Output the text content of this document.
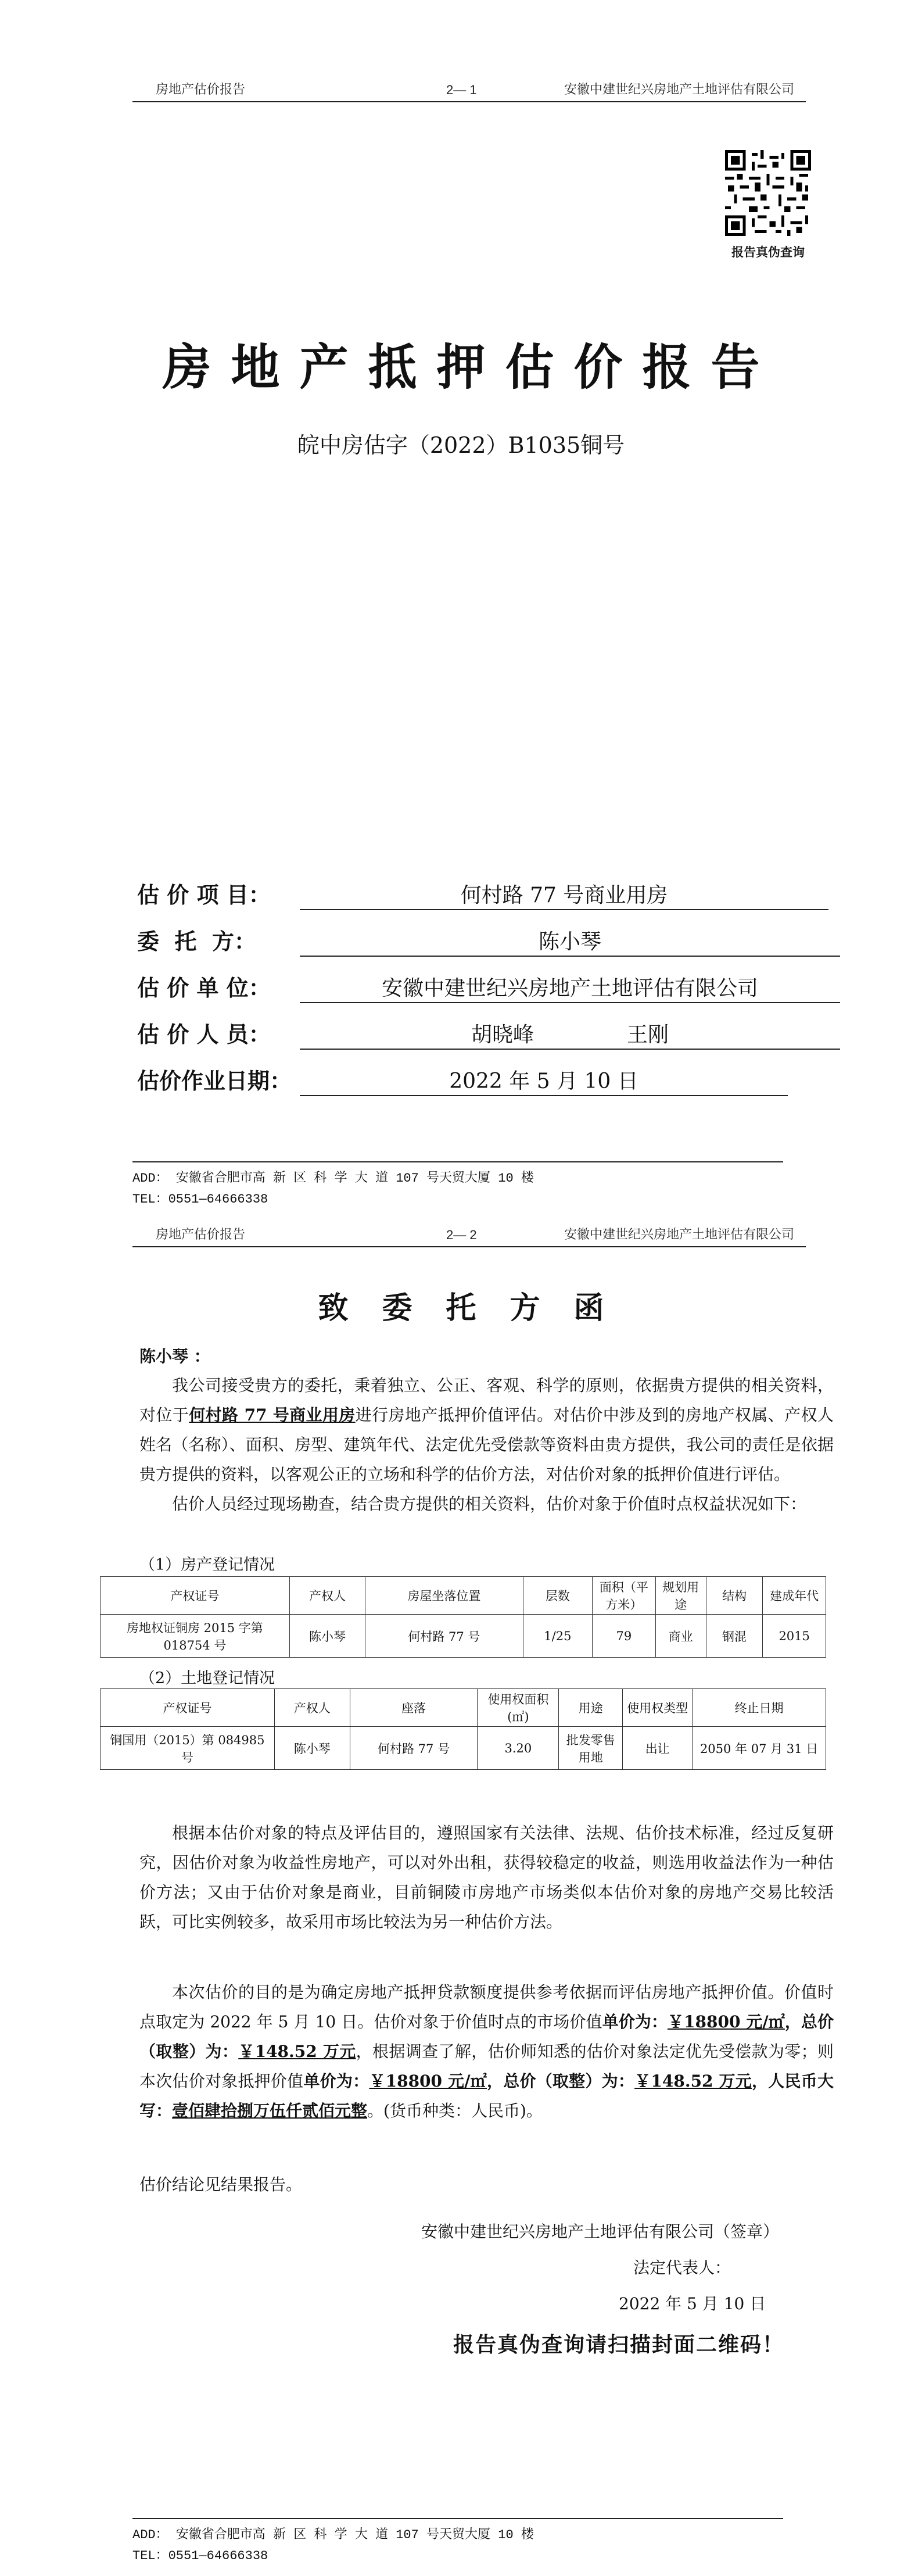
房地产估价报告	2— 1	安徽中建世纪兴房地产土地评估有限公司
报告真伪查询
房地产抵押估价报告
皖中房估字（2022）B1035铜号
估 价 项 目：	何村路 77 号商业用房
委  托  方：	陈小琴
估 价 单 位：	安徽中建世纪兴房地产土地评估有限公司
估 价 人 员：	胡晓峰	王刚
估价作业日期：	2022 年 5 月 10 日
ADD： 安徽省合肥市高 新 区 科 学 大 道 107 号天贸大厦 10 楼
TEL：0551—64666338
房地产估价报告	2— 2	安徽中建世纪兴房地产土地评估有限公司
致委托方函
陈小琴 ：
我公司接受贵方的委托，秉着独立、公正、客观、科学的原则，依据贵方提供的相关资料，对位于何村路 77 号商业用房进行房地产抵押价值评估。对估价中涉及到的房地产权属、产权人姓名（名称）、面积、房型、建筑年代、法定优先受偿款等资料由贵方提供，我公司的责任是依据贵方提供的资料，以客观公正的立场和科学的估价方法，对估价对象的抵押价值进行评估。
估价人员经过现场勘查，结合贵方提供的相关资料，估价对象于价值时点权益状况如下：
（1）房产登记情况
产权证号	产权人	房屋坐落位置	层数	面积（平方米）	规划用途	结构	建成年代
房地权证铜房 2015 字第 018754 号	陈小琴	何村路 77 号	1/25	79	商业	钢混	2015
（2）土地登记情况
产权证号	产权人	座落	使用权面积(㎡)	用途	使用权类型	终止日期
铜国用（2015）第 084985 号	陈小琴	何村路 77 号	3.20	批发零售用地	出让	2050 年 07 月 31 日
根据本估价对象的特点及评估目的，遵照国家有关法律、法规、估价技术标准，经过反复研究，因估价对象为收益性房地产，可以对外出租，获得较稳定的收益，则选用收益法作为一种估价方法；又由于估价对象是商业，目前铜陵市房地产市场类似本估价对象的房地产交易比较活跃，可比实例较多，故采用市场比较法为另一种估价方法。
本次估价的目的是为确定房地产抵押贷款额度提供参考依据而评估房地产抵押价值。价值时点取定为 2022 年 5 月 10 日。估价对象于价值时点的市场价值单价为：￥18800 元/㎡，总价（取整）为：￥148.52 万元，根据调查了解，估价师知悉的估价对象法定优先受偿款为零；则本次估价对象抵押价值单价为：￥18800 元/㎡，总价（取整）为：￥148.52 万元，人民币大写：壹佰肆拾捌万伍仟贰佰元整。(货币种类：人民币)。
估价结论见结果报告。
安徽中建世纪兴房地产土地评估有限公司（签章）
法定代表人：
2022 年 5 月 10 日
报告真伪查询请扫描封面二维码！
ADD： 安徽省合肥市高 新 区 科 学 大 道 107 号天贸大厦 10 楼
TEL：0551—64666338
